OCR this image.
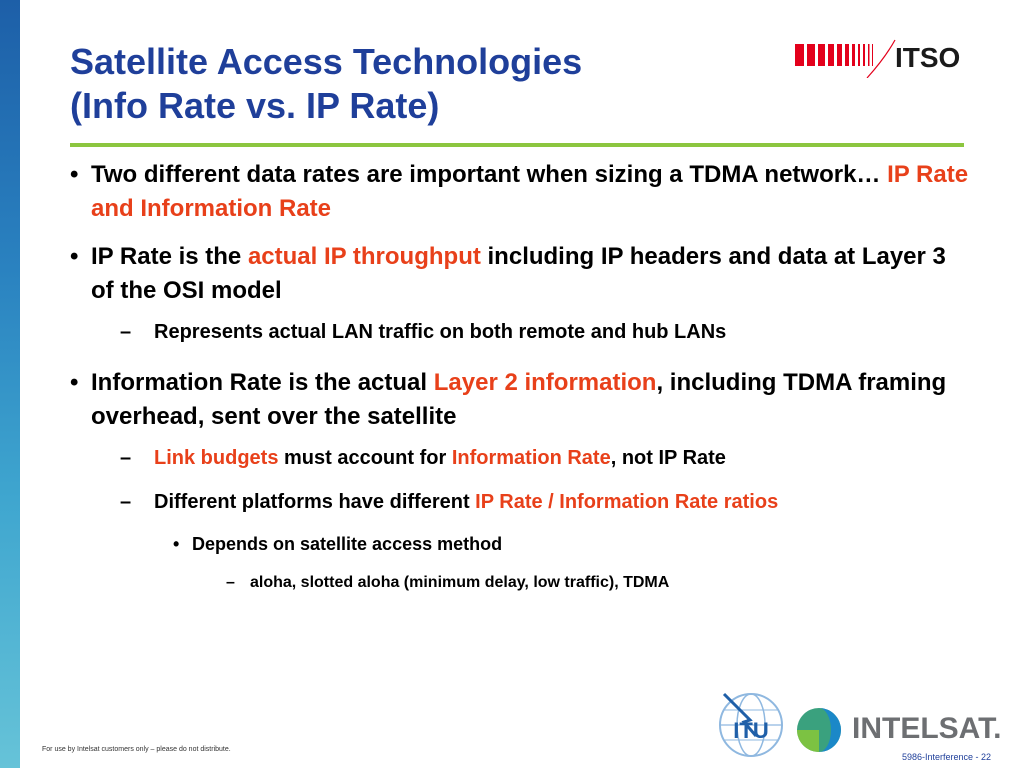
Satellite Access Technologies
(Info Rate vs. IP Rate)
ITSO
• Two different data rates are important when sizing a TDMA network… IP Rate and Information Rate
• IP Rate is the actual IP throughput including IP headers and data at Layer 3 of the OSI model
– Represents actual LAN traffic on both remote and hub LANs
• Information Rate is the actual Layer 2 information, including TDMA framing overhead, sent over the satellite
– Link budgets must account for Information Rate, not IP Rate
– Different platforms have different IP Rate / Information Rate ratios
• Depends on satellite access method
– aloha, slotted aloha (minimum delay, low traffic), TDMA
For use by Intelsat customers only – please do not distribute.
ITU	INTELSAT.
5986-Interference - 22
